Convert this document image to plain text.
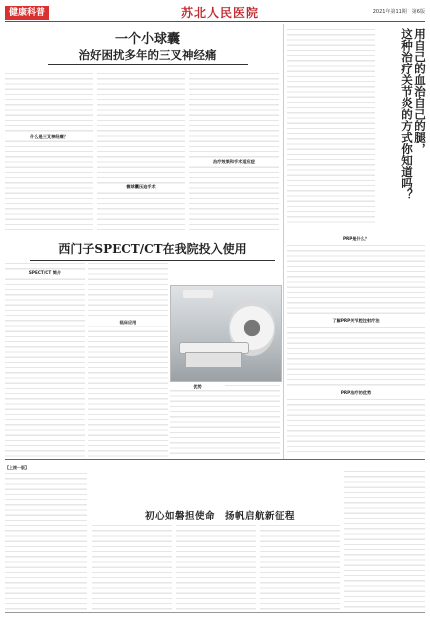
健康科普	苏北人民医院	2021年第11期　第6版
一个小球囊
治好困扰多年的三叉神经痛
什么是三叉神经痛？
微球囊压迫手术
治疗效果和手术适应症
西门子SPECT/CT在我院投入使用
SPECT/CT 简介
临床应用
优势
用自己的血治自己的腿，
这种治疗关节炎的方式你知道吗？
PRP是什么？
了解PRP关节腔注射疗法
PRP治疗的优势
【上接一版】
初心如磐担使命　扬帆启航新征程
